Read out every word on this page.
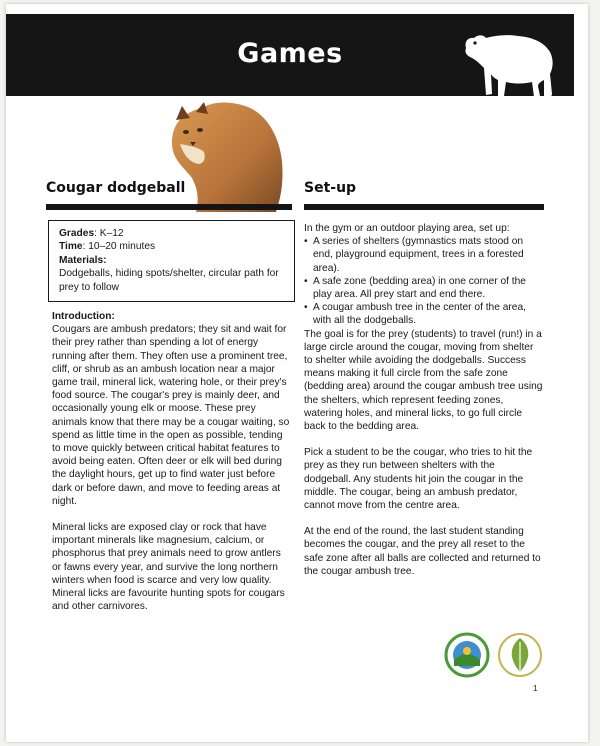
Games
Cougar dodgeball
Grades: K–12
Time: 10–20 minutes
Materials:
Dodgeballs, hiding spots/shelter, circular path for prey to follow

Introduction:

Cougars are ambush predators; they sit and wait for their prey rather than spending a lot of energy running after them. They often use a prominent tree, cliff, or shrub as an ambush location near a major game trail, mineral lick, watering hole, or their prey's food source. The cougar's prey is mainly deer, and occasionally young elk or moose. These prey animals know that there may be a cougar waiting, so spend as little time in the open as possible, tending to move quickly between critical habitat features to avoid being eaten. Often deer or elk will bed during the daylight hours, get up to find water just before dark or before dawn, and move to feeding areas at night.

Mineral licks are exposed clay or rock that have important minerals like magnesium, calcium, or phosphorus that prey animals need to grow antlers or fawns every year, and survive the long northern winters when food is scarce and very low quality. Mineral licks are favourite hunting spots for cougars and other carnivores.

Set-up

In the gym or an outdoor playing area, set up:

• A series of shelters (gymnastics mats stood on end, playground equipment, trees in a forested area).
• A safe zone (bedding area) in one corner of the play area. All prey start and end there.
• A cougar ambush tree in the center of the area, with all the dodgeballs.

The goal is for the prey (students) to travel (run!) in a large circle around the cougar, moving from shelter to shelter while avoiding the dodgeballs. Success means making it full circle from the safe zone (bedding area) around the cougar ambush tree using the shelters, which represent feeding zones, watering holes, and mineral licks, to go full circle back to the bedding area.

Pick a student to be the cougar, who tries to hit the prey as they run between shelters with the dodgeball. Any students hit join the cougar in the middle. The cougar, being an ambush predator, cannot move from the centre area.

At the end of the round, the last student standing becomes the cougar, and the prey all reset to the safe zone after all balls are collected and returned to the cougar ambush tree.

1
